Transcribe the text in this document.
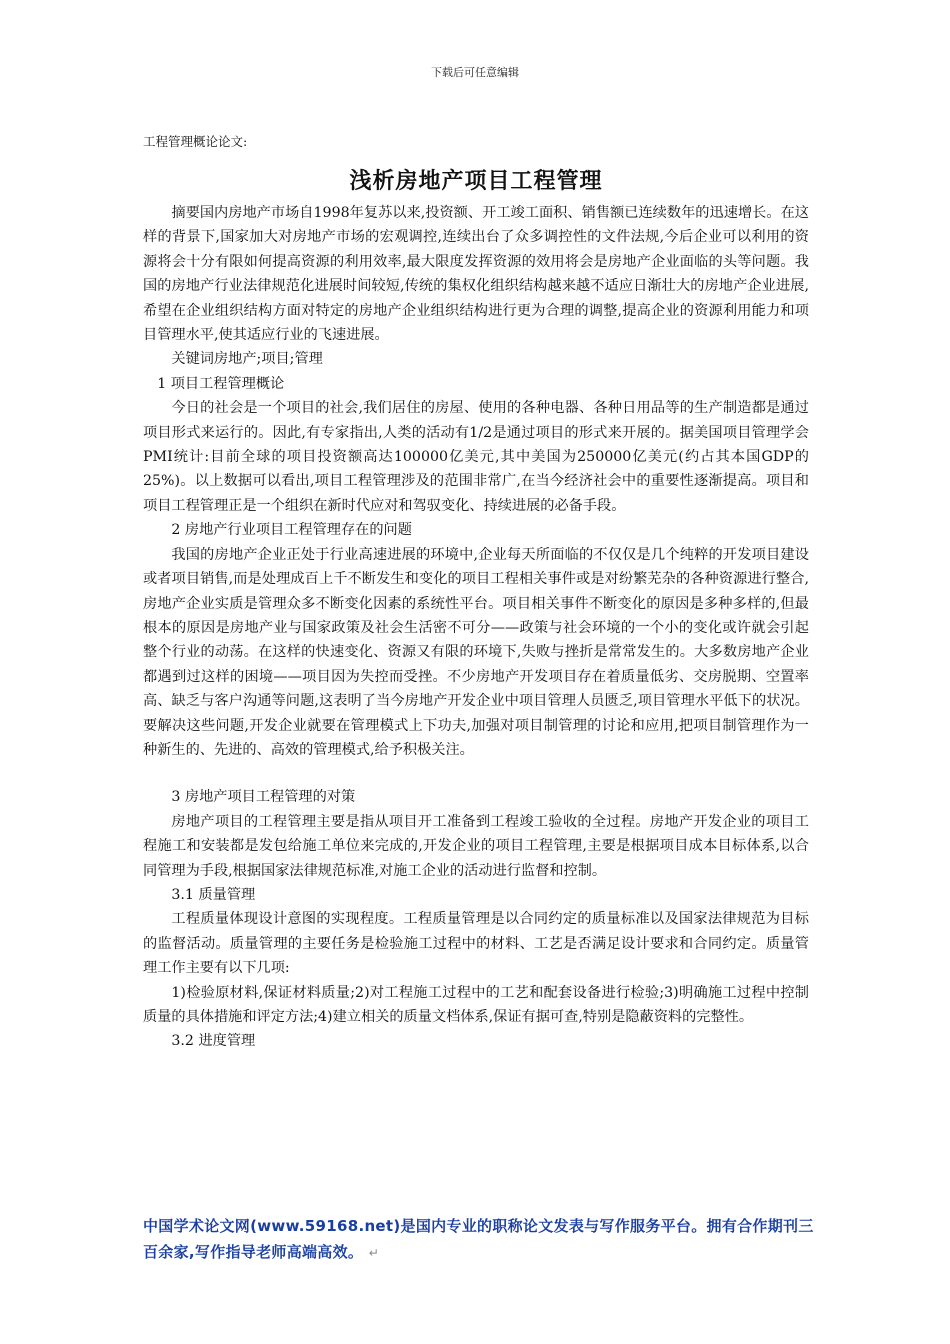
下载后可任意编辑
工程管理概论论文:
浅析房地产项目工程管理

摘要国内房地产市场自1998年复苏以来,投资额、开工竣工面积、销售额已连续数年的迅速增长。在这样的背景下,国家加大对房地产市场的宏观调控,连续出台了众多调控性的文件法规,今后企业可以利用的资源将会十分有限如何提高资源的利用效率,最大限度发挥资源的效用将会是房地产企业面临的头等问题。我国的房地产行业法律规范化进展时间较短,传统的集权化组织结构越来越不适应日渐壮大的房地产企业进展,希望在企业组织结构方面对特定的房地产企业组织结构进行更为合理的调整,提高企业的资源利用能力和项目管理水平,使其适应行业的飞速进展。

关键词房地产;项目;管理

1 项目工程管理概论

今日的社会是一个项目的社会,我们居住的房屋、使用的各种电器、各种日用品等的生产制造都是通过项目形式来运行的。因此,有专家指出,人类的活动有1/2是通过项目的形式来开展的。据美国项目管理学会PMI统计:目前全球的项目投资额高达100000亿美元,其中美国为250000亿美元(约占其本国GDP的25%)。以上数据可以看出,项目工程管理涉及的范围非常广,在当今经济社会中的重要性逐渐提高。项目和项目工程管理正是一个组织在新时代应对和驾驭变化、持续进展的必备手段。

2 房地产行业项目工程管理存在的问题

我国的房地产企业正处于行业高速进展的环境中,企业每天所面临的不仅仅是几个纯粹的开发项目建设或者项目销售,而是处理成百上千不断发生和变化的项目工程相关事件或是对纷繁芜杂的各种资源进行整合,房地产企业实质是管理众多不断变化因素的系统性平台。项目相关事件不断变化的原因是多种多样的,但最根本的原因是房地产业与国家政策及社会生活密不可分——政策与社会环境的一个小的变化或许就会引起整个行业的动荡。在这样的快速变化、资源又有限的环境下,失败与挫折是常常发生的。大多数房地产企业都遇到过这样的困境——项目因为失控而受挫。不少房地产开发项目存在着质量低劣、交房脱期、空置率高、缺乏与客户沟通等问题,这表明了当今房地产开发企业中项目管理人员匮乏,项目管理水平低下的状况。要解决这些问题,开发企业就要在管理模式上下功夫,加强对项目制管理的讨论和应用,把项目制管理作为一种新生的、先进的、高效的管理模式,给予积极关注。

3 房地产项目工程管理的对策

房地产项目的工程管理主要是指从项目开工准备到工程竣工验收的全过程。房地产开发企业的项目工程施工和安装都是发包给施工单位来完成的,开发企业的项目工程管理,主要是根据项目成本目标体系,以合同管理为手段,根据国家法律规范标准,对施工企业的活动进行监督和控制。

3.1 质量管理

工程质量体现设计意图的实现程度。工程质量管理是以合同约定的质量标准以及国家法律规范为目标的监督活动。质量管理的主要任务是检验施工过程中的材料、工艺是否满足设计要求和合同约定。质量管理工作主要有以下几项:

1)检验原材料,保证材料质量;2)对工程施工过程中的工艺和配套设备进行检验;3)明确施工过程中控制质量的具体措施和评定方法;4)建立相关的质量文档体系,保证有据可查,特别是隐蔽资料的完整性。

3.2 进度管理

中国学术论文网(www.59168.net)是国内专业的职称论文发表与写作服务平台。拥有合作期刊三百余家,写作指导老师高端高效。 ↵
